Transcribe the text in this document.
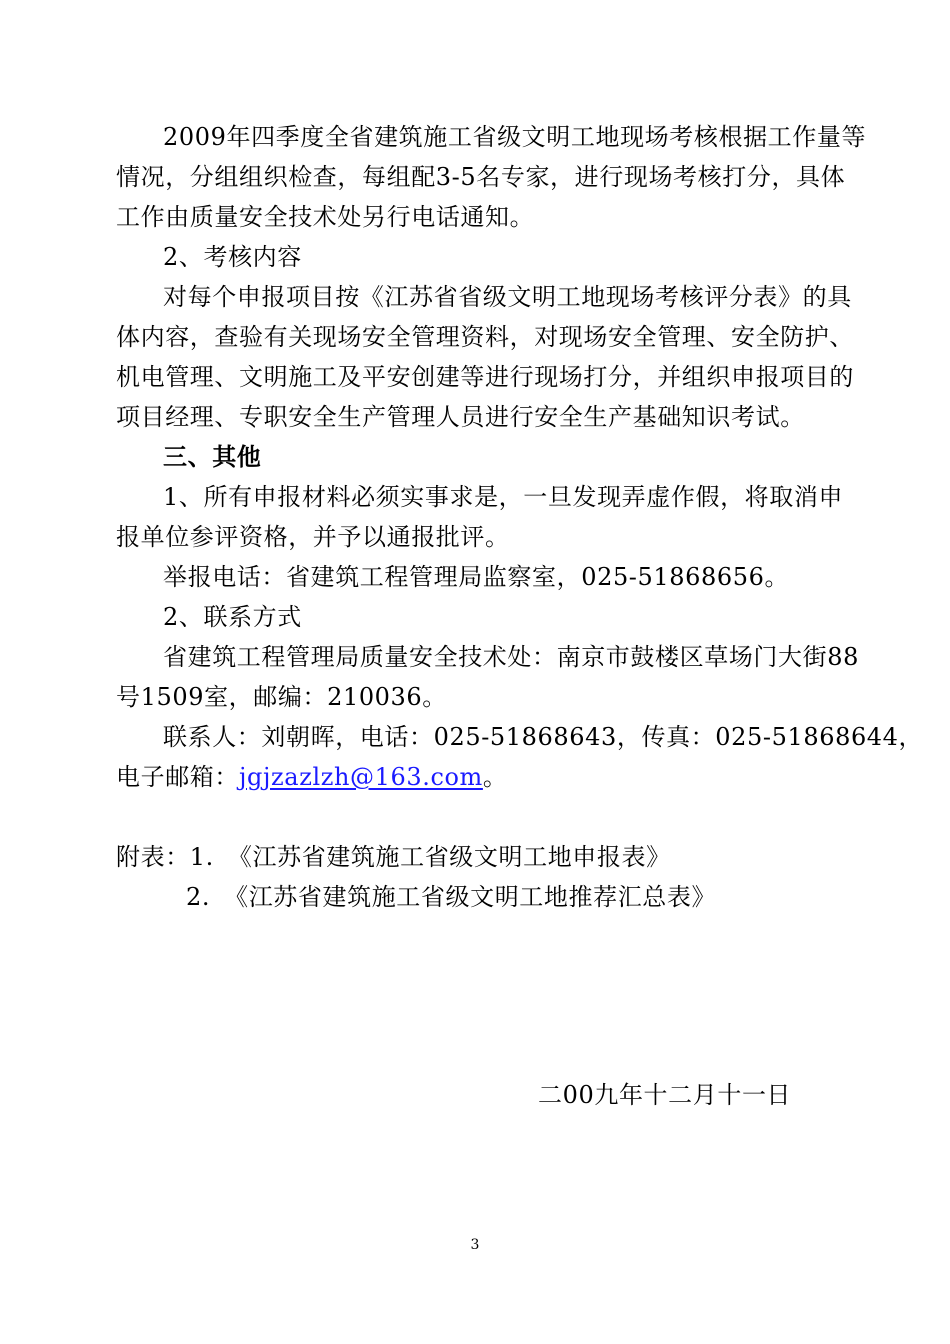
2009年四季度全省建筑施工省级文明工地现场考核根据工作量等
情况，分组组织检查，每组配3-5名专家，进行现场考核打分，具体
工作由质量安全技术处另行电话通知。
2、考核内容
对每个申报项目按《江苏省省级文明工地现场考核评分表》的具
体内容，查验有关现场安全管理资料，对现场安全管理、安全防护、
机电管理、文明施工及平安创建等进行现场打分，并组织申报项目的
项目经理、专职安全生产管理人员进行安全生产基础知识考试。
三、其他
1、所有申报材料必须实事求是，一旦发现弄虚作假，将取消申
报单位参评资格，并予以通报批评。
举报电话：省建筑工程管理局监察室，025-51868656。
2、联系方式
省建筑工程管理局质量安全技术处：南京市鼓楼区草场门大街88
号1509室，邮编：210036。
联系人：刘朝晖，电话：025-51868643，传真：025-51868644，
电子邮箱：jgjzazlzh@163.com。
附表：1. 《江苏省建筑施工省级文明工地申报表》
2. 《江苏省建筑施工省级文明工地推荐汇总表》
二00九年十二月十一日
3
